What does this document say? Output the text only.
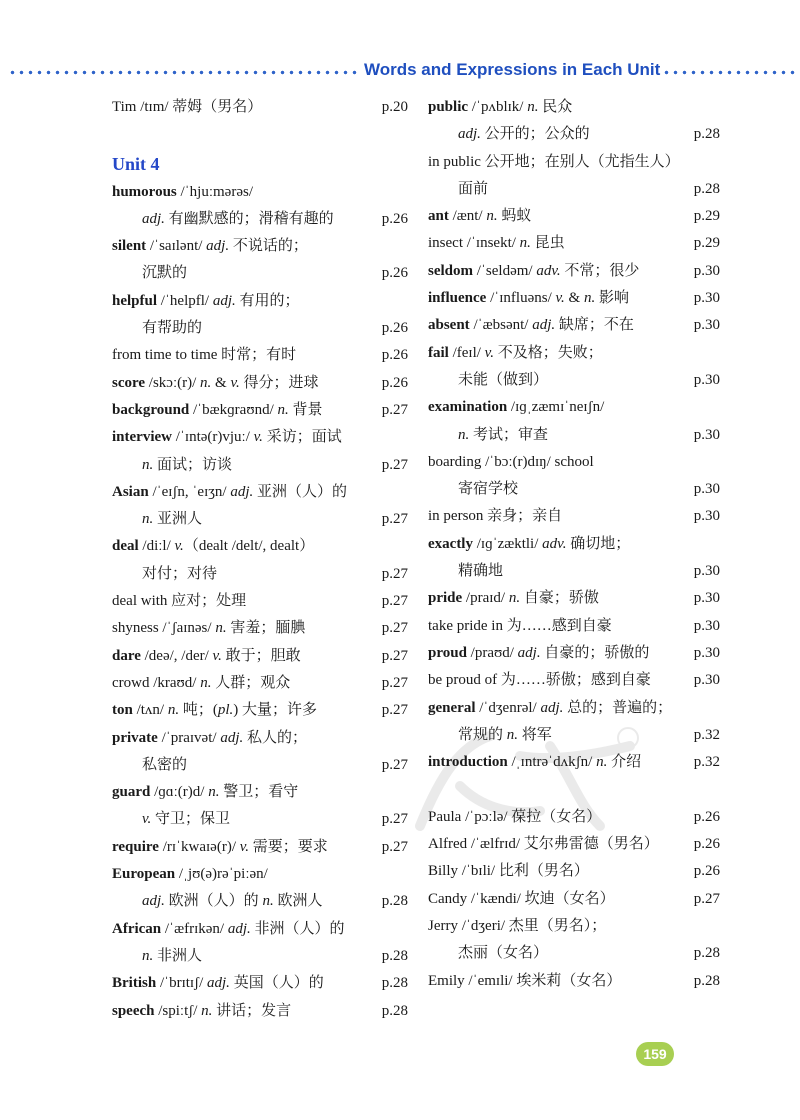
Words and Expressions in Each Unit
Tim /tɪm/ 蒂姆（男名）	p.20
Unit 4
humorous /ˈhjuːmərəs/
adj. 有幽默感的；滑稽有趣的	p.26
silent /ˈsaɪlənt/ adj. 不说话的；
沉默的	p.26
helpful /ˈhelpfl/ adj. 有用的；
有帮助的	p.26
from time to time 时常；有时	p.26
score /skɔː(r)/ n. & v. 得分；进球	p.26
background /ˈbækɡraʊnd/ n. 背景	p.27
interview /ˈɪntə(r)vjuː/ v. 采访；面试
n. 面试；访谈	p.27
Asian /ˈeɪʃn, ˈeɪʒn/ adj. 亚洲（人）的
n. 亚洲人	p.27
deal /diːl/ v.（dealt /delt/, dealt）
对付；对待	p.27
deal with 应对；处理	p.27
shyness /ˈʃaɪnəs/ n. 害羞；腼腆	p.27
dare /deə/, /der/ v. 敢于；胆敢	p.27
crowd /kraʊd/ n. 人群；观众	p.27
ton /tʌn/ n. 吨；(pl.) 大量；许多	p.27
private /ˈpraɪvət/ adj. 私人的；
私密的	p.27
guard /ɡɑː(r)d/ n. 警卫；看守
v. 守卫；保卫	p.27
require /rɪˈkwaɪə(r)/ v. 需要；要求	p.27
European /ˌjʊ(ə)rəˈpiːən/
adj. 欧洲（人）的 n. 欧洲人	p.28
African /ˈæfrɪkən/ adj. 非洲（人）的
n. 非洲人	p.28
British /ˈbrɪtɪʃ/ adj. 英国（人）的	p.28
speech /spiːtʃ/ n. 讲话；发言	p.28
public /ˈpʌblɪk/ n. 民众
adj. 公开的；公众的	p.28
in public 公开地；在别人（尤指生人）
面前	p.28
ant /ænt/ n. 蚂蚁	p.29
insect /ˈɪnsekt/ n. 昆虫	p.29
seldom /ˈseldəm/ adv. 不常；很少	p.30
influence /ˈɪnfluəns/ v. & n. 影响	p.30
absent /ˈæbsənt/ adj. 缺席；不在	p.30
fail /feɪl/ v. 不及格；失败；
未能（做到）	p.30
examination /ɪɡˌzæmɪˈneɪʃn/
n. 考试；审查	p.30
boarding /ˈbɔː(r)dɪŋ/ school
寄宿学校	p.30
in person 亲身；亲自	p.30
exactly /ɪɡˈzæktli/ adv. 确切地；
精确地	p.30
pride /praɪd/ n. 自豪；骄傲	p.30
take pride in 为……感到自豪	p.30
proud /praʊd/ adj. 自豪的；骄傲的	p.30
be proud of 为……骄傲；感到自豪	p.30
general /ˈdʒenrəl/ adj. 总的；普遍的；
常规的 n. 将军	p.32
introduction /ˌɪntrəˈdʌkʃn/ n. 介绍	p.32
Paula /ˈpɔːlə/ 葆拉（女名）	p.26
Alfred /ˈælfrɪd/ 艾尔弗雷德（男名） p.26
Billy /ˈbɪli/ 比利（男名）	p.26
Candy /ˈkændi/ 坎迪（女名）	p.27
Jerry /ˈdʒeri/ 杰里（男名）；
杰丽（女名）	p.28
Emily /ˈemɪli/ 埃米莉（女名）	p.28
159
